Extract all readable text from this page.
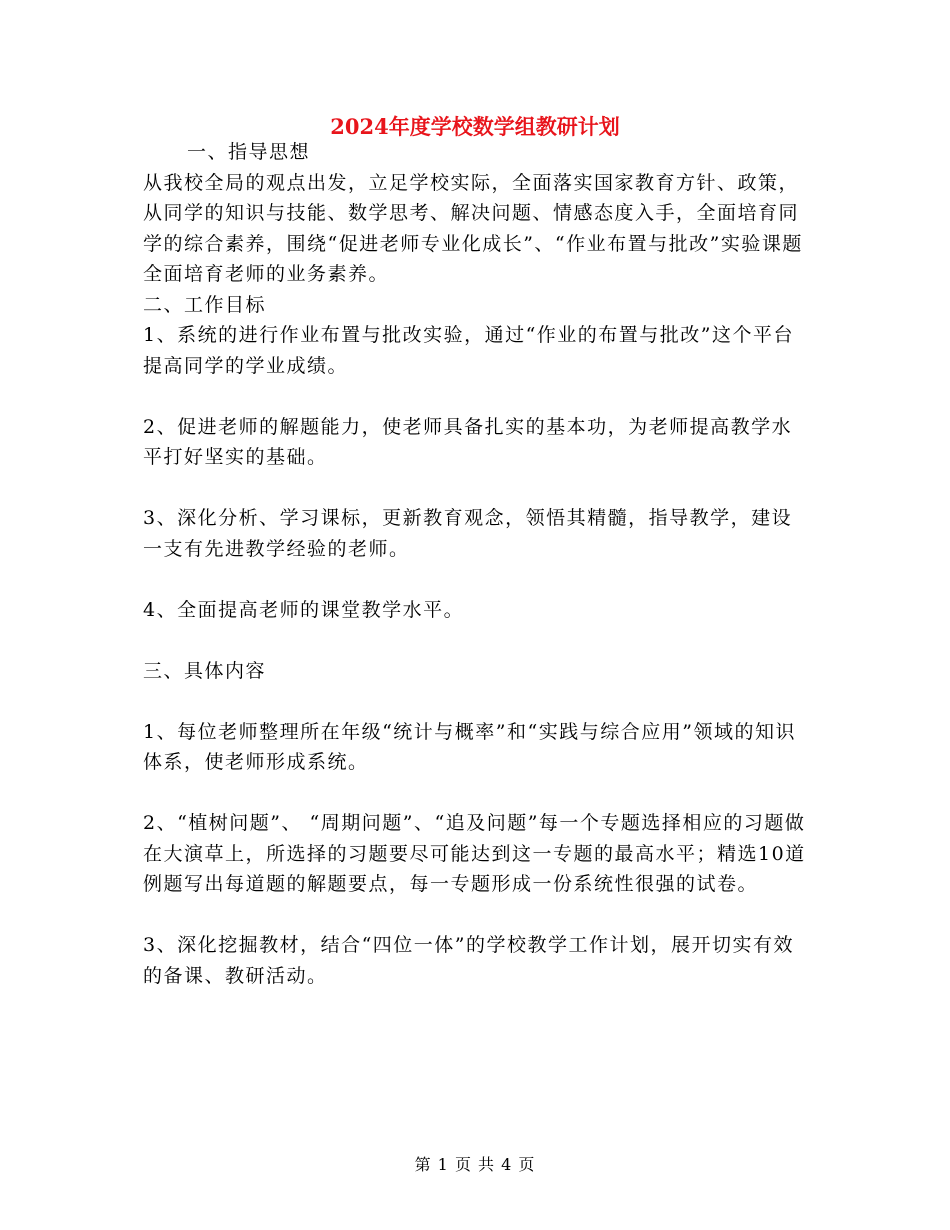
2024年度学校数学组教研计划

一、指导思想

从我校全局的观点出发，立足学校实际，全面落实国家教育方针、政策，从同学的知识与技能、数学思考、解决问题、情感态度入手，全面培育同学的综合素养，围绕“促进老师专业化成长”、“作业布置与批改”实验课题全面培育老师的业务素养。

二、工作目标

1、系统的进行作业布置与批改实验，通过“作业的布置与批改”这个平台提高同学的学业成绩。

2、促进老师的解题能力，使老师具备扎实的基本功，为老师提高教学水平打好坚实的基础。

3、深化分析、学习课标，更新教育观念，领悟其精髓，指导教学，建设一支有先进教学经验的老师。

4、全面提高老师的课堂教学水平。

三、具体内容

1、每位老师整理所在年级“统计与概率”和“实践与综合应用”领域的知识体系，使老师形成系统。

2、“植树问题”、 “周期问题”、“追及问题”每一个专题选择相应的习题做在大演草上，所选择的习题要尽可能达到这一专题的最高水平；精选10道例题写出每道题的解题要点，每一专题形成一份系统性很强的试卷。

3、深化挖掘教材，结合“四位一体”的学校教学工作计划，展开切实有效的备课、教研活动。

第 1 页 共 4 页
